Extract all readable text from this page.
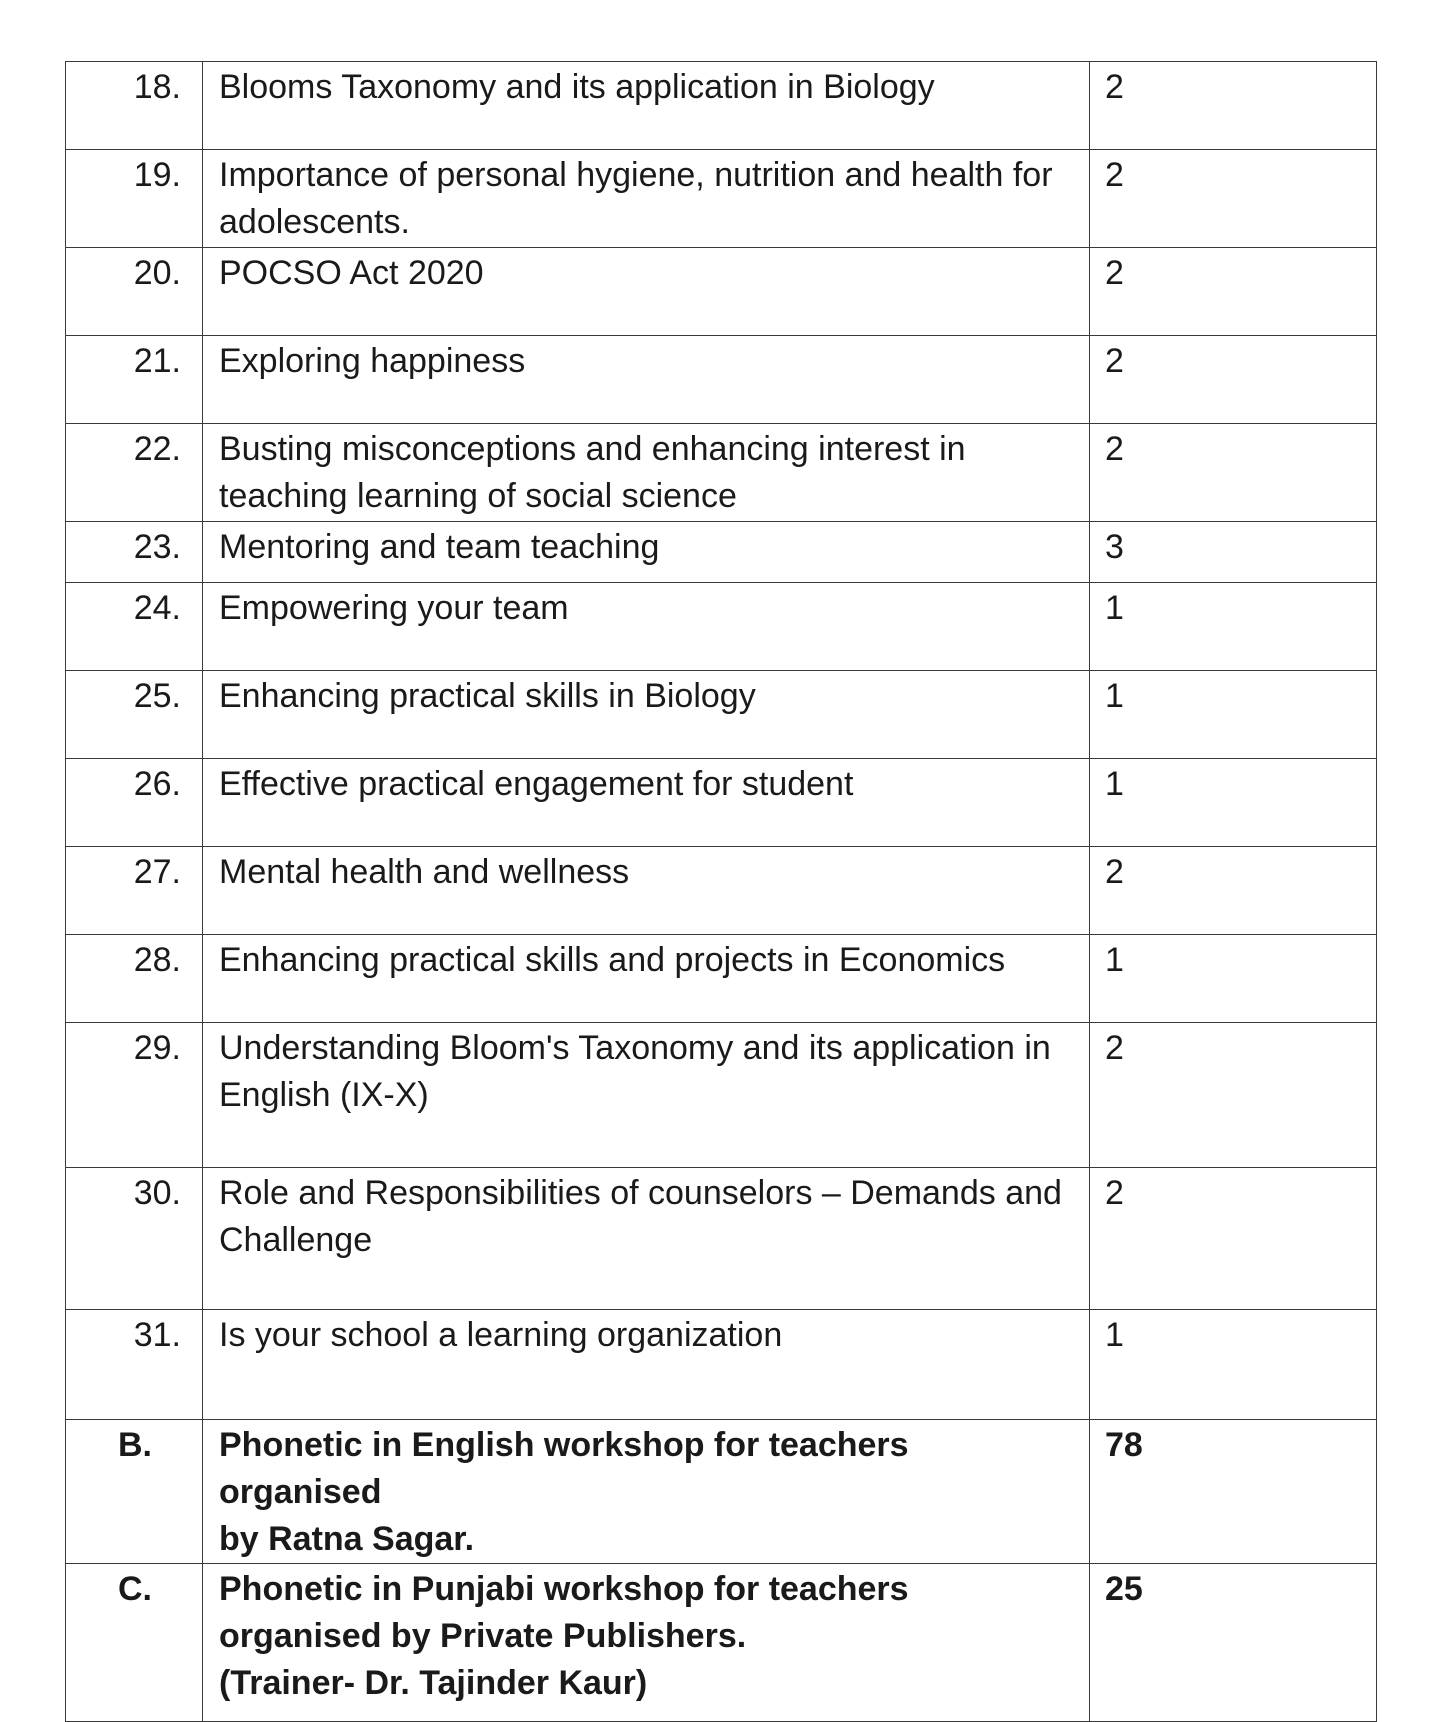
18.	Blooms Taxonomy and its application in Biology	2
19.	Importance of personal hygiene, nutrition and health for adolescents.	2
20.	POCSO Act 2020	2
21.	Exploring happiness	2
22.	Busting misconceptions and enhancing interest in teaching learning of social science	2
23.	Mentoring and team teaching	3
24.	Empowering your team	1
25.	Enhancing practical skills in Biology	1
26.	Effective practical engagement for student	1
27.	Mental health and wellness	2
28.	Enhancing practical skills and projects in Economics	1
29.	Understanding Bloom's Taxonomy and its application in English (IX-X)	2
30.	Role and Responsibilities of counselors – Demands and Challenge	2
31.	Is your school a learning organization	1
B.	Phonetic in English workshop for teachers organised
by Ratna Sagar.	78
C.	Phonetic in Punjabi workshop for teachers
organised by Private Publishers.
(Trainer- Dr. Tajinder Kaur)	25
